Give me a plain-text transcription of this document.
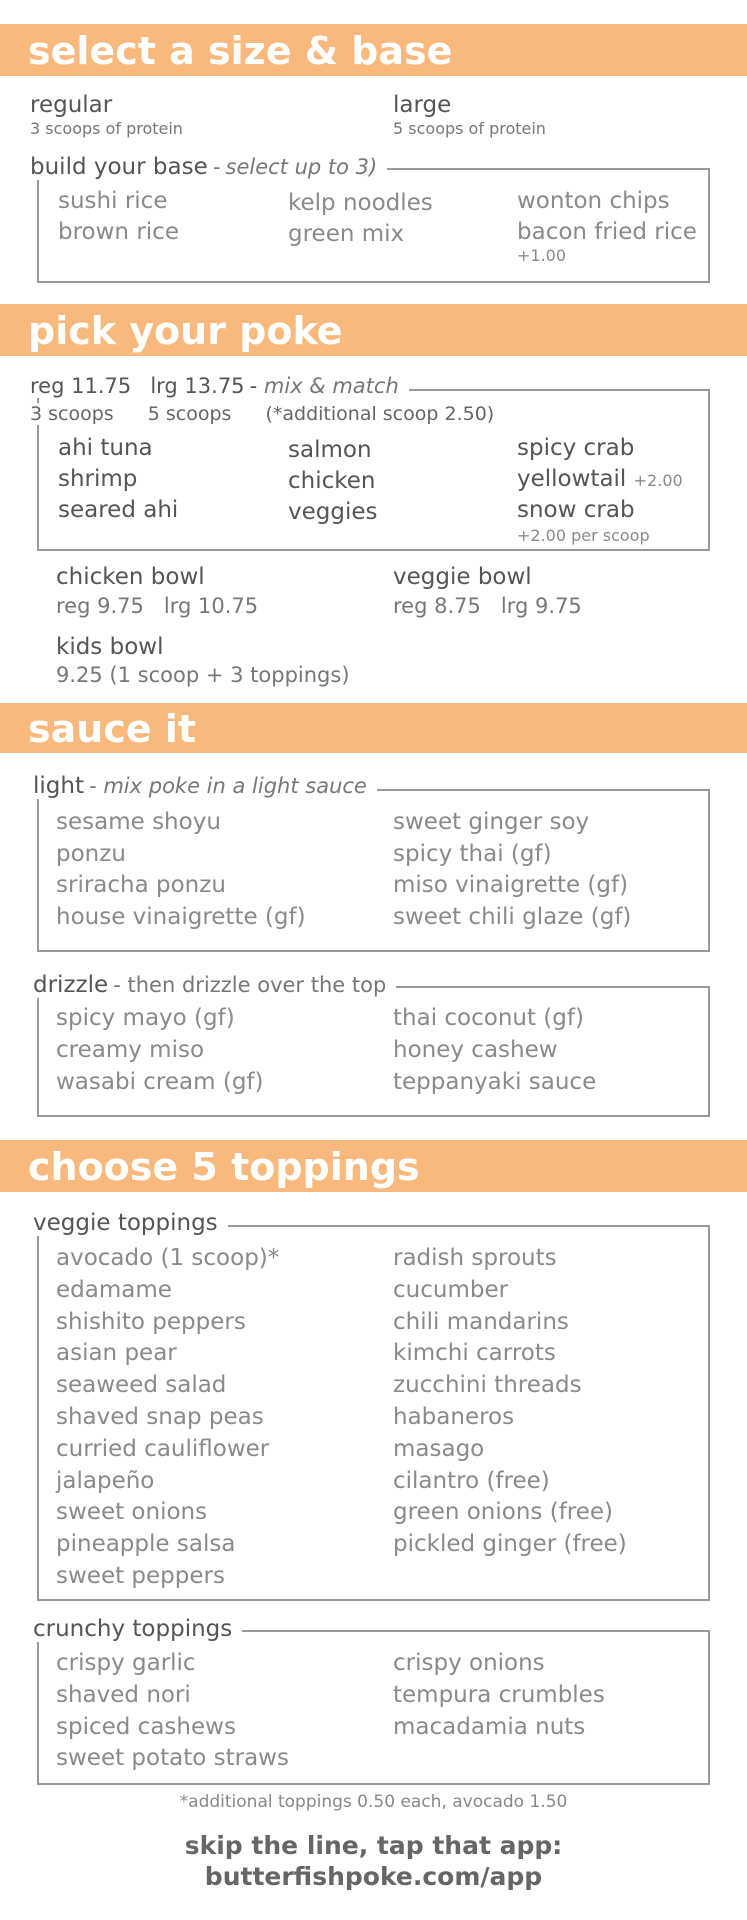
select a size & base
regular
3 scoops of protein
large
5 scoops of protein
build your base - select up to 3)
sushi rice
brown rice
kelp noodles
green mix
wonton chips
bacon fried rice
+1.00
pick your poke
reg 11.75 lrg 13.75 - mix & match
3 scoops 5 scoops (*additional scoop 2.50)
ahi tuna
shrimp
seared ahi
salmon
chicken
veggies
spicy crab
yellowtail +2.00
snow crab
+2.00 per scoop
chicken bowl	veggie bowl
kids bowl
9.25 (1 scoop + 3 toppings)
reg 9.75   lrg 10.75	reg 8.75   lrg 9.75
sauce it
light - mix poke in a light sauce
sesame shoyu
ponzu
sriracha ponzu
house vinaigrette (gf)
sweet ginger soy
spicy thai (gf)
miso vinaigrette (gf)
sweet chili glaze (gf)
drizzle - then drizzle over the top
spicy mayo (gf)
creamy miso
wasabi cream (gf)
thai coconut (gf)
honey cashew
teppanyaki sauce
choose 5 toppings
veggie toppings
avocado (1 scoop)*
edamame
shishito peppers
asian pear
seaweed salad
shaved snap peas
curried cauliflower
jalapeño
sweet onions
pineapple salsa
sweet peppers
radish sprouts
cucumber
chili mandarins
kimchi carrots
zucchini threads
habaneros
masago
cilantro (free)
green onions (free)
pickled ginger (free)
crunchy toppings
crispy garlic
shaved nori
spiced cashews
sweet potato straws
crispy onions
tempura crumbles
macadamia nuts
*additional toppings 0.50 each, avocado 1.50
skip the line, tap that app:
butterfishpoke.com/app
